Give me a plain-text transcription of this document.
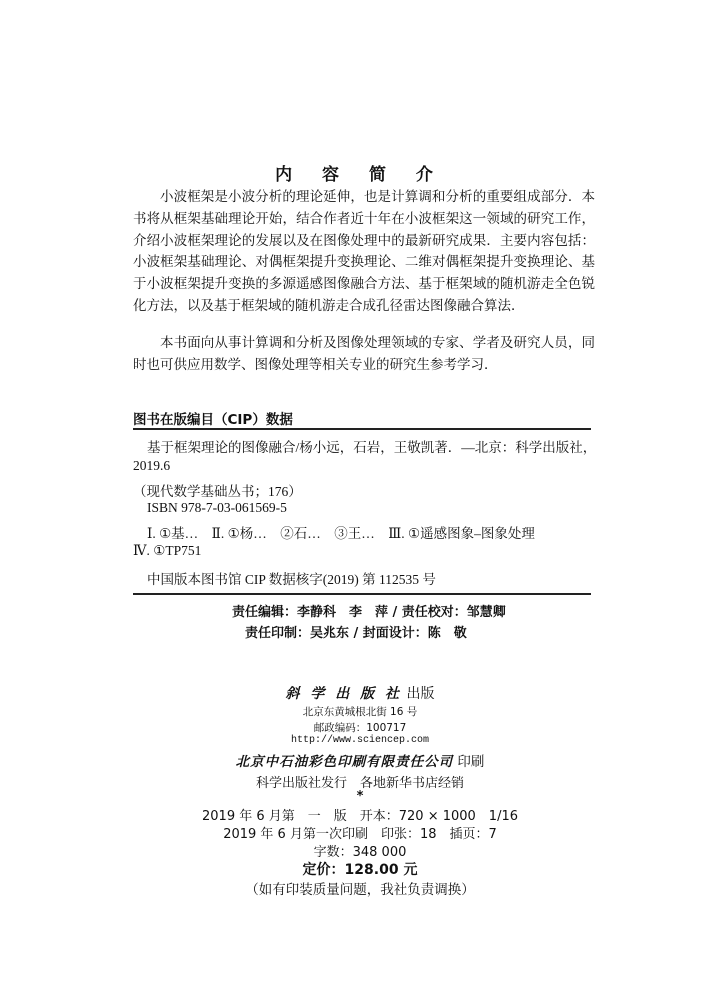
内 容 简 介

小波框架是小波分析的理论延伸，也是计算调和分析的重要组成部分．本书将从框架基础理论开始，结合作者近十年在小波框架这一领域的研究工作，介绍小波框架理论的发展以及在图像处理中的最新研究成果．主要内容包括：小波框架基础理论、对偶框架提升变换理论、二维对偶框架提升变换理论、基于小波框架提升变换的多源遥感图像融合方法、基于框架域的随机游走全色锐化方法，以及基于框架域的随机游走合成孔径雷达图像融合算法．

本书面向从事计算调和分析及图像处理领域的专家、学者及研究人员，同时也可供应用数学、图像处理等相关专业的研究生参考学习．

图书在版编目（CIP）数据
基于框架理论的图像融合/杨小远，石岩，王敬凯著．—北京：科学出版社，
2019.6
（现代数学基础丛书；176）
ISBN 978-7-03-061569-5
Ⅰ. ①基…　Ⅱ. ①杨…　②石…　③王…　Ⅲ. ①遥感图象–图象处理
Ⅳ. ①TP751
中国版本图书馆 CIP 数据核字(2019) 第 112535 号
责任编辑：李静科　李　萍 / 责任校对：邹慧卿
责任印制：吴兆东 / 封面设计：陈　敬
斜 学 出 版 社 出版
北京东黄城根北街 16 号
邮政编码：100717
http://www.sciencep.com
北京中石油彩色印刷有限责任公司 印刷
科学出版社发行　各地新华书店经销
*
2019 年 6 月第　一　版　开本：720 × 1000　1/16
2019 年 6 月第一次印刷　印张：18　插页：7
字数：348 000
定价：128.00 元
（如有印装质量问题，我社负责调换）
